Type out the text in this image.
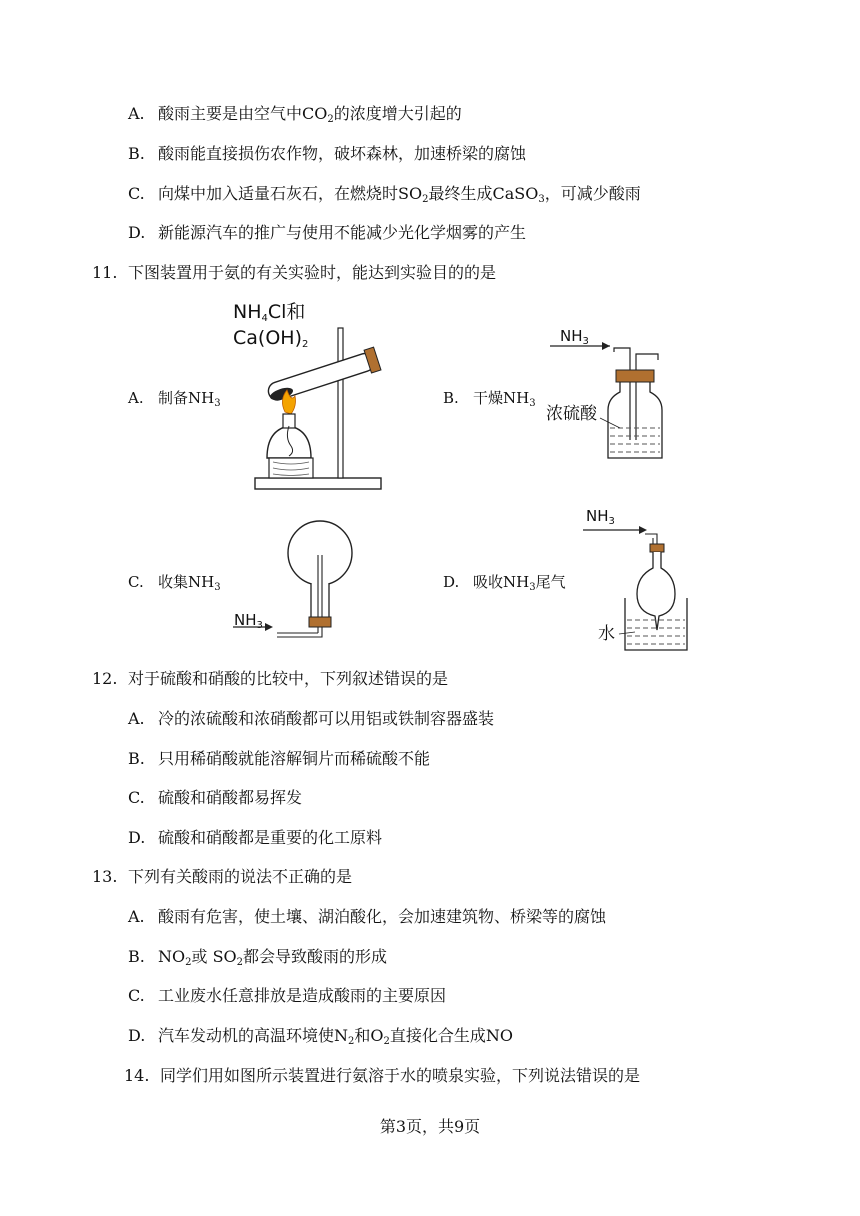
A. 酸雨主要是由空气中$CO_2$的浓度增大引起的
B. 酸雨能直接损伤农作物，破坏森林，加速桥梁的腐蚀
C. 向煤中加入适量石灰石，在燃烧时$SO_2$最终生成CaSO$_3$，可减少酸雨
D. 新能源汽车的推广与使用不能减少光化学烟雾的产生
11. 下图装置用于氨的有关实验时，能达到实验目的的是
A. 制备$NH_3$
$NH_4Cl$和
$Ca(OH)_2$
B. 干燥$NH_3$
$NH_3$
浓硫酸
C. 收集$NH_3$
$NH_3$
D. 吸收$NH_3$尾气
$NH_3$
水
12. 对于硫酸和硝酸的比较中，下列叙述错误的是
A. 冷的浓硫酸和浓硝酸都可以用铝或铁制容器盛装
B. 只用稀硝酸就能溶解铜片而稀硫酸不能
C. 硫酸和硝酸都易挥发
D. 硫酸和硝酸都是重要的化工原料
13. 下列有关酸雨的说法不正确的是
A. 酸雨有危害，使土壤、湖泊酸化，会加速建筑物、桥梁等的腐蚀
B. $NO_2$或 $SO_2$都会导致酸雨的形成
C. 工业废水任意排放是造成酸雨的主要原因
D. 汽车发动机的高温环境使$N_2$和$O_2$直接化合生成NO
14. 同学们用如图所示装置进行氨溶于水的喷泉实验，下列说法错误的是
第3页，共9页
